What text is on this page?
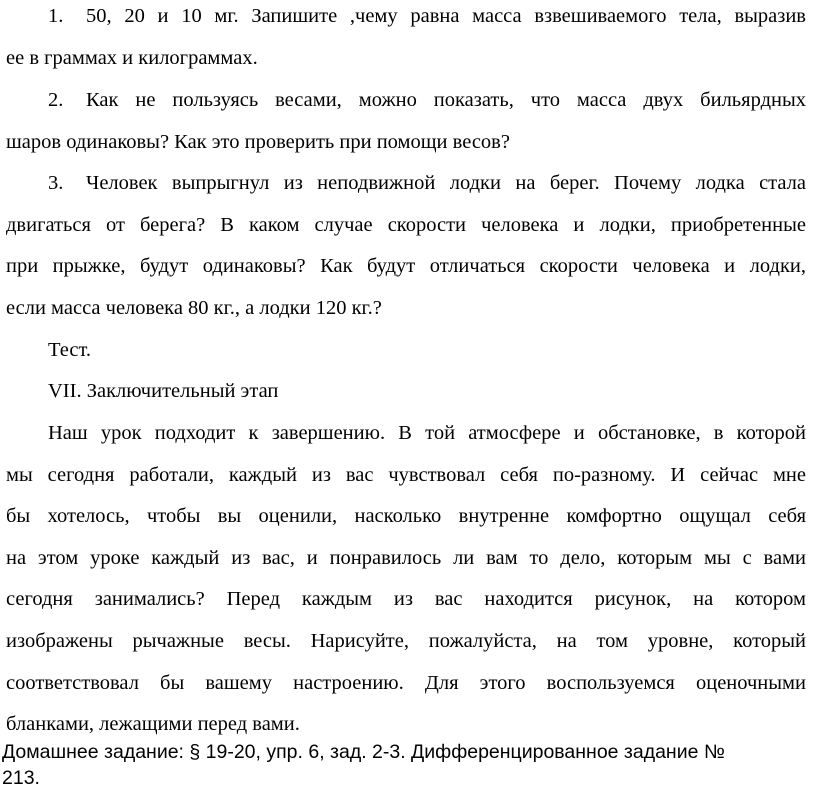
1. 50, 20 и 10 мг. Запишите ,чему равна масса взвешиваемого тела, выразив
ее в граммах и килограммах.
2. Как не пользуясь весами, можно показать, что масса двух бильярдных
шаров одинаковы? Как это проверить при помощи весов?
3. Человек выпрыгнул из неподвижной лодки на берег. Почему лодка стала
двигаться от берега? В каком случае скорости человека и лодки, приобретенные
при прыжке, будут одинаковы? Как будут отличаться скорости человека и лодки,
если масса человека 80 кг., а лодки 120 кг.?
Тест.
VII. Заключительный этап
Наш урок подходит к завершению. В той атмосфере и обстановке, в которой
мы сегодня работали, каждый из вас чувствовал себя по-разному. И сейчас мне
бы хотелось, чтобы вы оценили, насколько внутренне комфортно ощущал себя
на этом уроке каждый из вас, и понравилось ли вам то дело, которым мы с вами
сегодня занимались? Перед каждым из вас находится рисунок, на котором
изображены рычажные весы. Нарисуйте, пожалуйста, на том уровне, который
соответствовал бы вашему настроению. Для этого воспользуемся оценочными
бланками, лежащими перед вами.
Домашнее задание: § 19-20, упр. 6, зад. 2-3. Дифференцированное задание №
213.
